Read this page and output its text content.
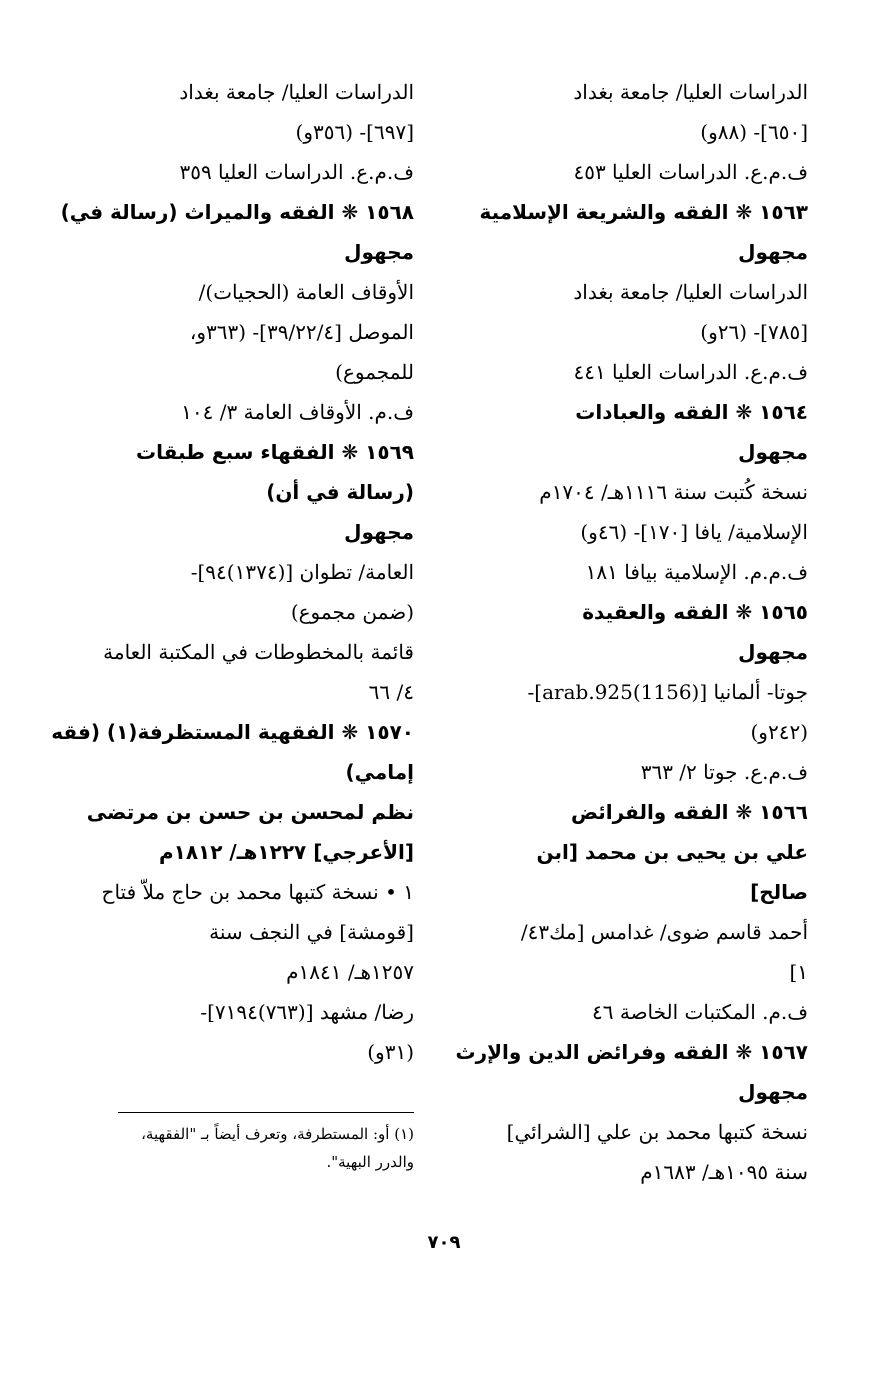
الدراسات العليا/ جامعة بغداد
[٦٥٠]- (٨٨و)
ف.م.ع. الدراسات العليا ٤٥٣
١٥٦٣ ❋ الفقه والشريعة الإسلامية
مجهول
الدراسات العليا/ جامعة بغداد
[٧٨٥]- (٢٦و)
ف.م.ع. الدراسات العليا ٤٤١
١٥٦٤ ❋ الفقه والعبادات
مجهول
نسخة كُتبت سنة ١١١٦هـ/ ١٧٠٤م
الإسلامية/ يافا [١٧٠]- (٤٦و)
ف.م.م. الإسلامية بيافا ١٨١
١٥٦٥ ❋ الفقه والعقيدة
مجهول
جوتا- ألمانيا [arab.925(1156)]-
(٢٤٢و)
ف.م.ع. جوتا ٢/ ٣٦٣
١٥٦٦ ❋ الفقه والفرائض
علي بن يحيى بن محمد [ابن
صالح]
أحمد قاسم ضوى/ غدامس [مك٤٣/
١]
ف.م. المكتبات الخاصة ٤٦
١٥٦٧ ❋ الفقه وفرائض الدين والإرث
مجهول
نسخة كتبها محمد بن علي [الشرائي]
سنة ١٠٩٥هـ/ ١٦٨٣م
الدراسات العليا/ جامعة بغداد
[٦٩٧]- (٣٥٦و)
ف.م.ع. الدراسات العليا ٣٥٩
١٥٦٨ ❋ الفقه والميراث (رسالة في)
مجهول
الأوقاف العامة (الحجيات)/
الموصل [٣٩/٢٢/٤]- (٣٦٣و،
للمجموع)
ف.م. الأوقاف العامة ٣/ ١٠٤
١٥٦٩ ❋ الفقهاء سبع طبقات
(رسالة في أن)
مجهول
العامة/ تطوان [(١٣٧٤)٩٤]-
(ضمن مجموع)
قائمة بالمخطوطات في المكتبة العامة
٤/ ٦٦
١٥٧٠ ❋ الفقهية المستظرفة(١) (فقه
إمامي)
نظم لمحسن بن حسن بن مرتضى
[الأعرجي] ١٢٢٧هـ/ ١٨١٢م
١ • نسخة كتبها محمد بن حاج ملاّ فتاح
[قومشة] في النجف سنة
١٢٥٧هـ/ ١٨٤١م
رضا/ مشهد [(٧٦٣)٧١٩٤]-
(٣١و)
(١) أو: المستطرفة، وتعرف أيضاً بـ "الفقهية،
والدرر البهية".
٧٠٩
